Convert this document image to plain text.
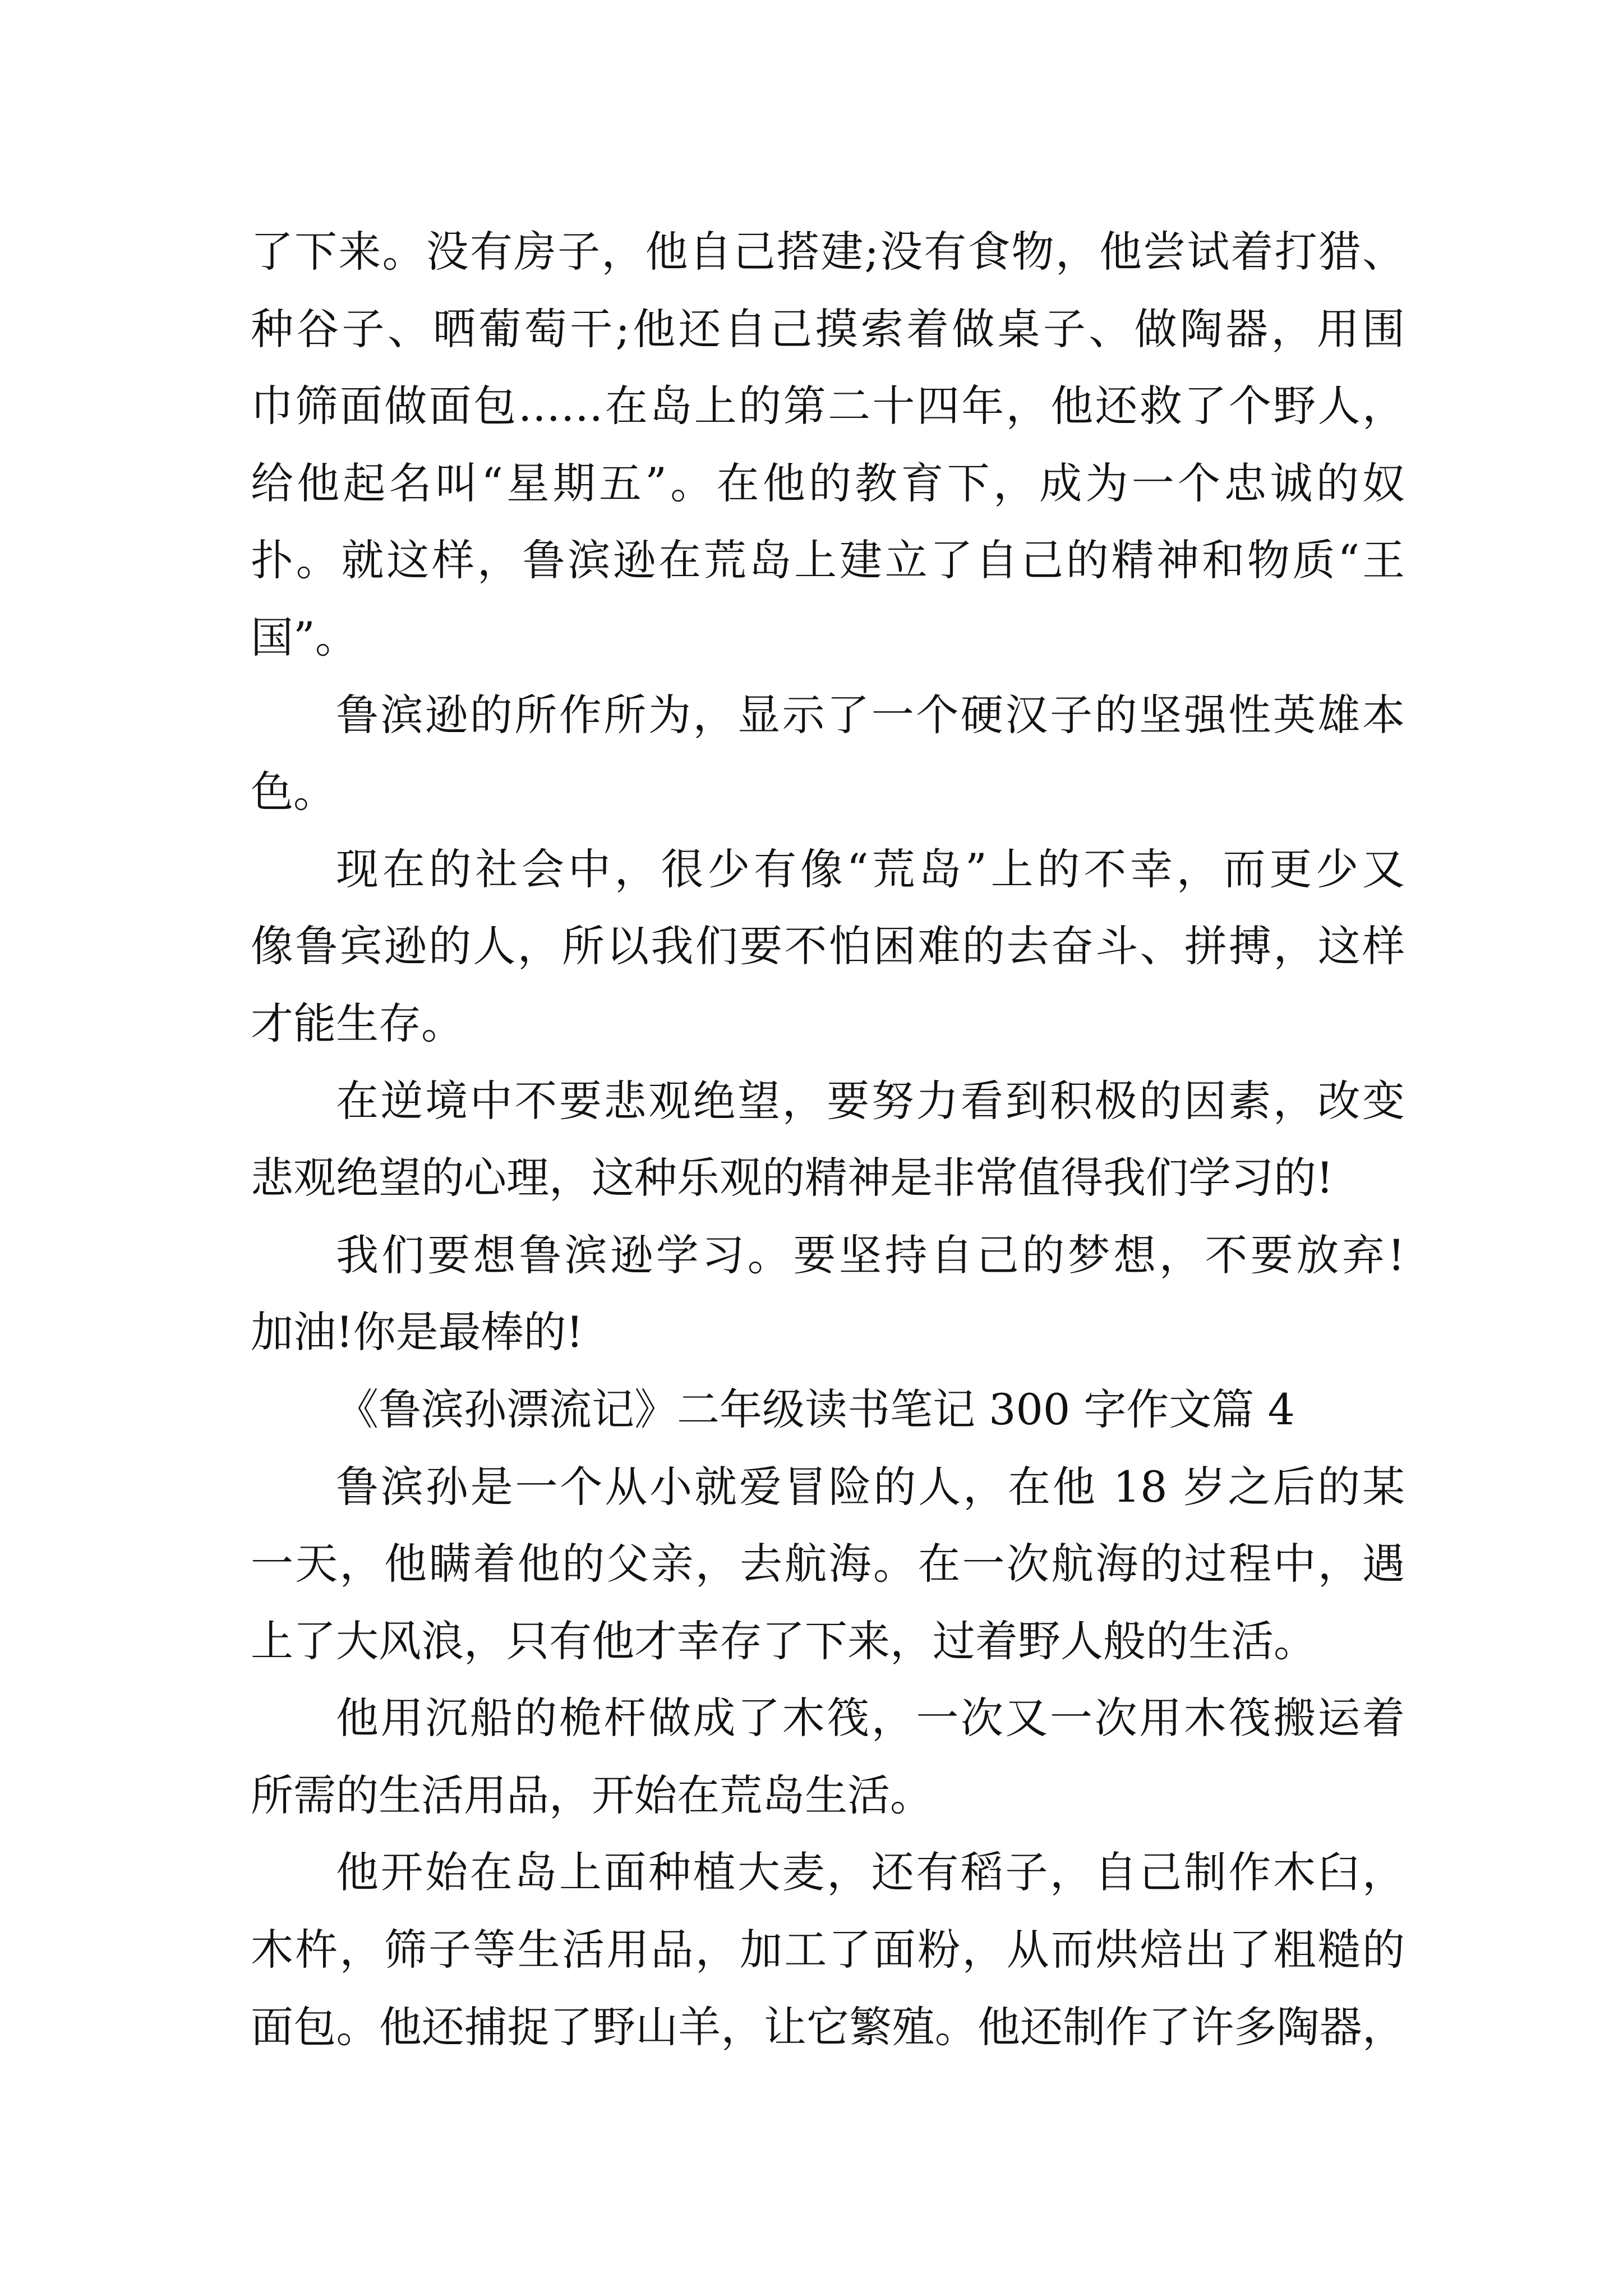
了下来。没有房子，他自己搭建;没有食物，他尝试着打猎、
种谷子、晒葡萄干;他还自己摸索着做桌子、做陶器，用围
巾筛面做面包……在岛上的第二十四年，他还救了个野人，
给他起名叫“星期五”。在他的教育下，成为一个忠诚的奴
扑。就这样，鲁滨逊在荒岛上建立了自己的精神和物质“王
国”。
鲁滨逊的所作所为，显示了一个硬汉子的坚强性英雄本
色。
现在的社会中，很少有像“荒岛”上的不幸，而更少又
像鲁宾逊的人，所以我们要不怕困难的去奋斗、拼搏，这样
才能生存。
在逆境中不要悲观绝望，要努力看到积极的因素，改变
悲观绝望的心理，这种乐观的精神是非常值得我们学习的!
我们要想鲁滨逊学习。要坚持自己的梦想，不要放弃!
加油!你是最棒的!
《鲁滨孙漂流记》二年级读书笔记 300 字作文篇 4
鲁滨孙是一个从小就爱冒险的人，在他 18 岁之后的某
一天，他瞒着他的父亲，去航海。在一次航海的过程中，遇
上了大风浪，只有他才幸存了下来，过着野人般的生活。
他用沉船的桅杆做成了木筏，一次又一次用木筏搬运着
所需的生活用品，开始在荒岛生活。
他开始在岛上面种植大麦，还有稻子，自己制作木臼，
木杵，筛子等生活用品，加工了面粉，从而烘焙出了粗糙的
面包。他还捕捉了野山羊，让它繁殖。他还制作了许多陶器，
